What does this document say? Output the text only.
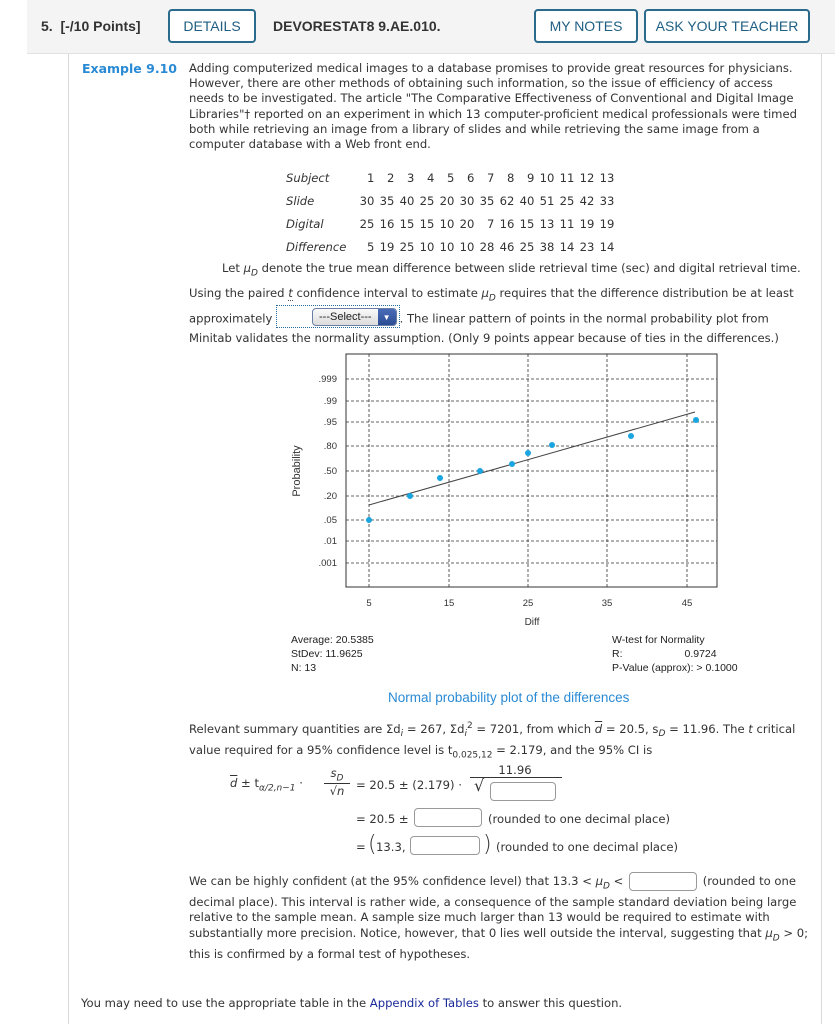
5. [-/10 Points]	DETAILS	DEVORESTAT8 9.AE.010.	MY NOTES	ASK YOUR TEACHER
Example 9.10 Adding computerized medical images to a database promises to provide great resources for physicians. However, there are other methods of obtaining such information, so the issue of efficiency of access needs to be investigated. The article "The Comparative Effectiveness of Conventional and Digital Image Libraries"† reported on an experiment in which 13 computer-proficient medical professionals were timed both while retrieving an image from a library of slides and while retrieving the same image from a computer database with a Web front end.
Subject	1	2	3	4	5	6	7	8	9	10	11	12	13
Slide	30	35	40	25	20	30	35	62	40	51	25	42	33
Digital	25	16	15	15	10	20	7	16	15	13	11	19	19
Difference	5	19	25	10	10	10	28	46	25	38	14	23	14
Let $\mu_D$ denote the true mean difference between slide retrieval time (sec) and digital retrieval time. Using the paired t confidence interval to estimate $\mu_D$ requires that the difference distribution be at least approximately	---Select---	▼ . The linear pattern of points in the normal probability plot from Minitab validates the normality assumption. (Only 9 points appear because of ties in the differences.)
.999
.99
.95
.80
.50
.20
.05
.01
.001
5	15	25	35	45
Diff
Probability
Average: 20.5385
StDev: 11.9625
N: 13
W-test for Normality
R:	0.9724
P-Value (approx): > 0.1000
Normal probability plot of the differences
Relevant summary quantities are $\Sigma d_i = 267$, $\Sigma d_i^2 = 7201$, from which $\overline{d} = 20.5$, $s_D = 11.96$. The t critical value required for a 95% confidence level is $t_{0.025,12} = 2.179$, and the 95% CI is
$\overline{d} \pm t_{\alpha/2,n-1}$ ·
$s_D$
√n	= 20.5 ± (2.179) ·
11.96
√
= 20.5 ±	(rounded to one decimal place)
= ( 13.3,	) (rounded to one decimal place)
We can be highly confident (at the 95% confidence level) that $13.3 < \mu_D$ <	(rounded to one decimal place). This interval is rather wide, a consequence of the sample standard deviation being large relative to the sample mean. A sample size much larger than 13 would be required to estimate with substantially more precision. Notice, however, that 0 lies well outside the interval, suggesting that $\mu_D > 0$; this is confirmed by a formal test of hypotheses.
You may need to use the appropriate table in the Appendix of Tables to answer this question.
